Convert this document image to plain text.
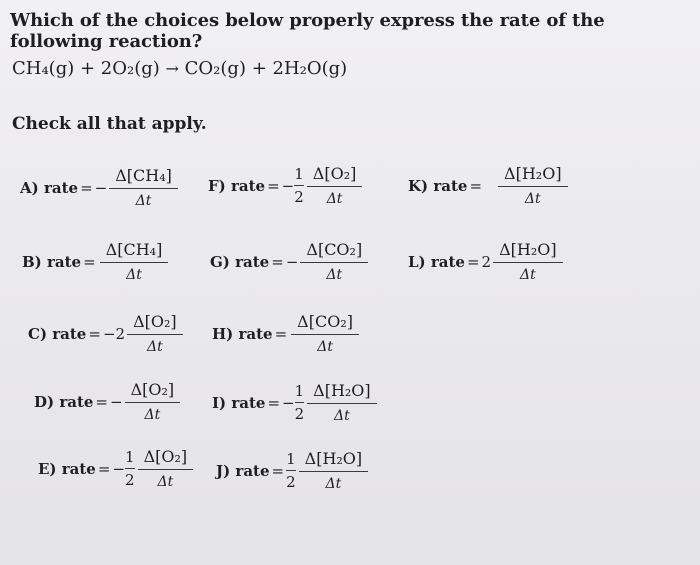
Which of the choices below properly express the rate of the following reaction?
CH₄(g) + 2O₂(g) → CO₂(g) + 2H₂O(g)
Check all that apply.
A) rate = − $\frac{\text{Δ[CH₄]}}{\Delta t}$
B) rate = $\frac{\text{Δ[CH₄]}}{\Delta t}$
C) rate = $-2 \frac{\text{Δ[O₂]}}{\Delta t}$
D) rate = − $\frac{\text{Δ[O₂]}}{\Delta t}$
E) rate = −
1
$2 \frac{\text{Δ[O₂]}}{\Delta t}$
F) rate = −
1
$2 \frac{\text{Δ[O₂]}}{\Delta t}$
G) rate = − $\frac{\text{Δ[CO₂]}}{\Delta t}$
H) rate = $\frac{\text{Δ[CO₂]}}{\Delta t}$
I) rate = −
1
$2 \frac{\text{Δ[H₂O]}}{\Delta t}$
J) rate =
1
$2 \frac{\text{Δ[H₂O]}}{\Delta t}$
K) rate = $\frac{\text{Δ[H₂O]}}{\Delta t}$
L) rate = $2 \frac{\text{Δ[H₂O]}}{\Delta t}$
